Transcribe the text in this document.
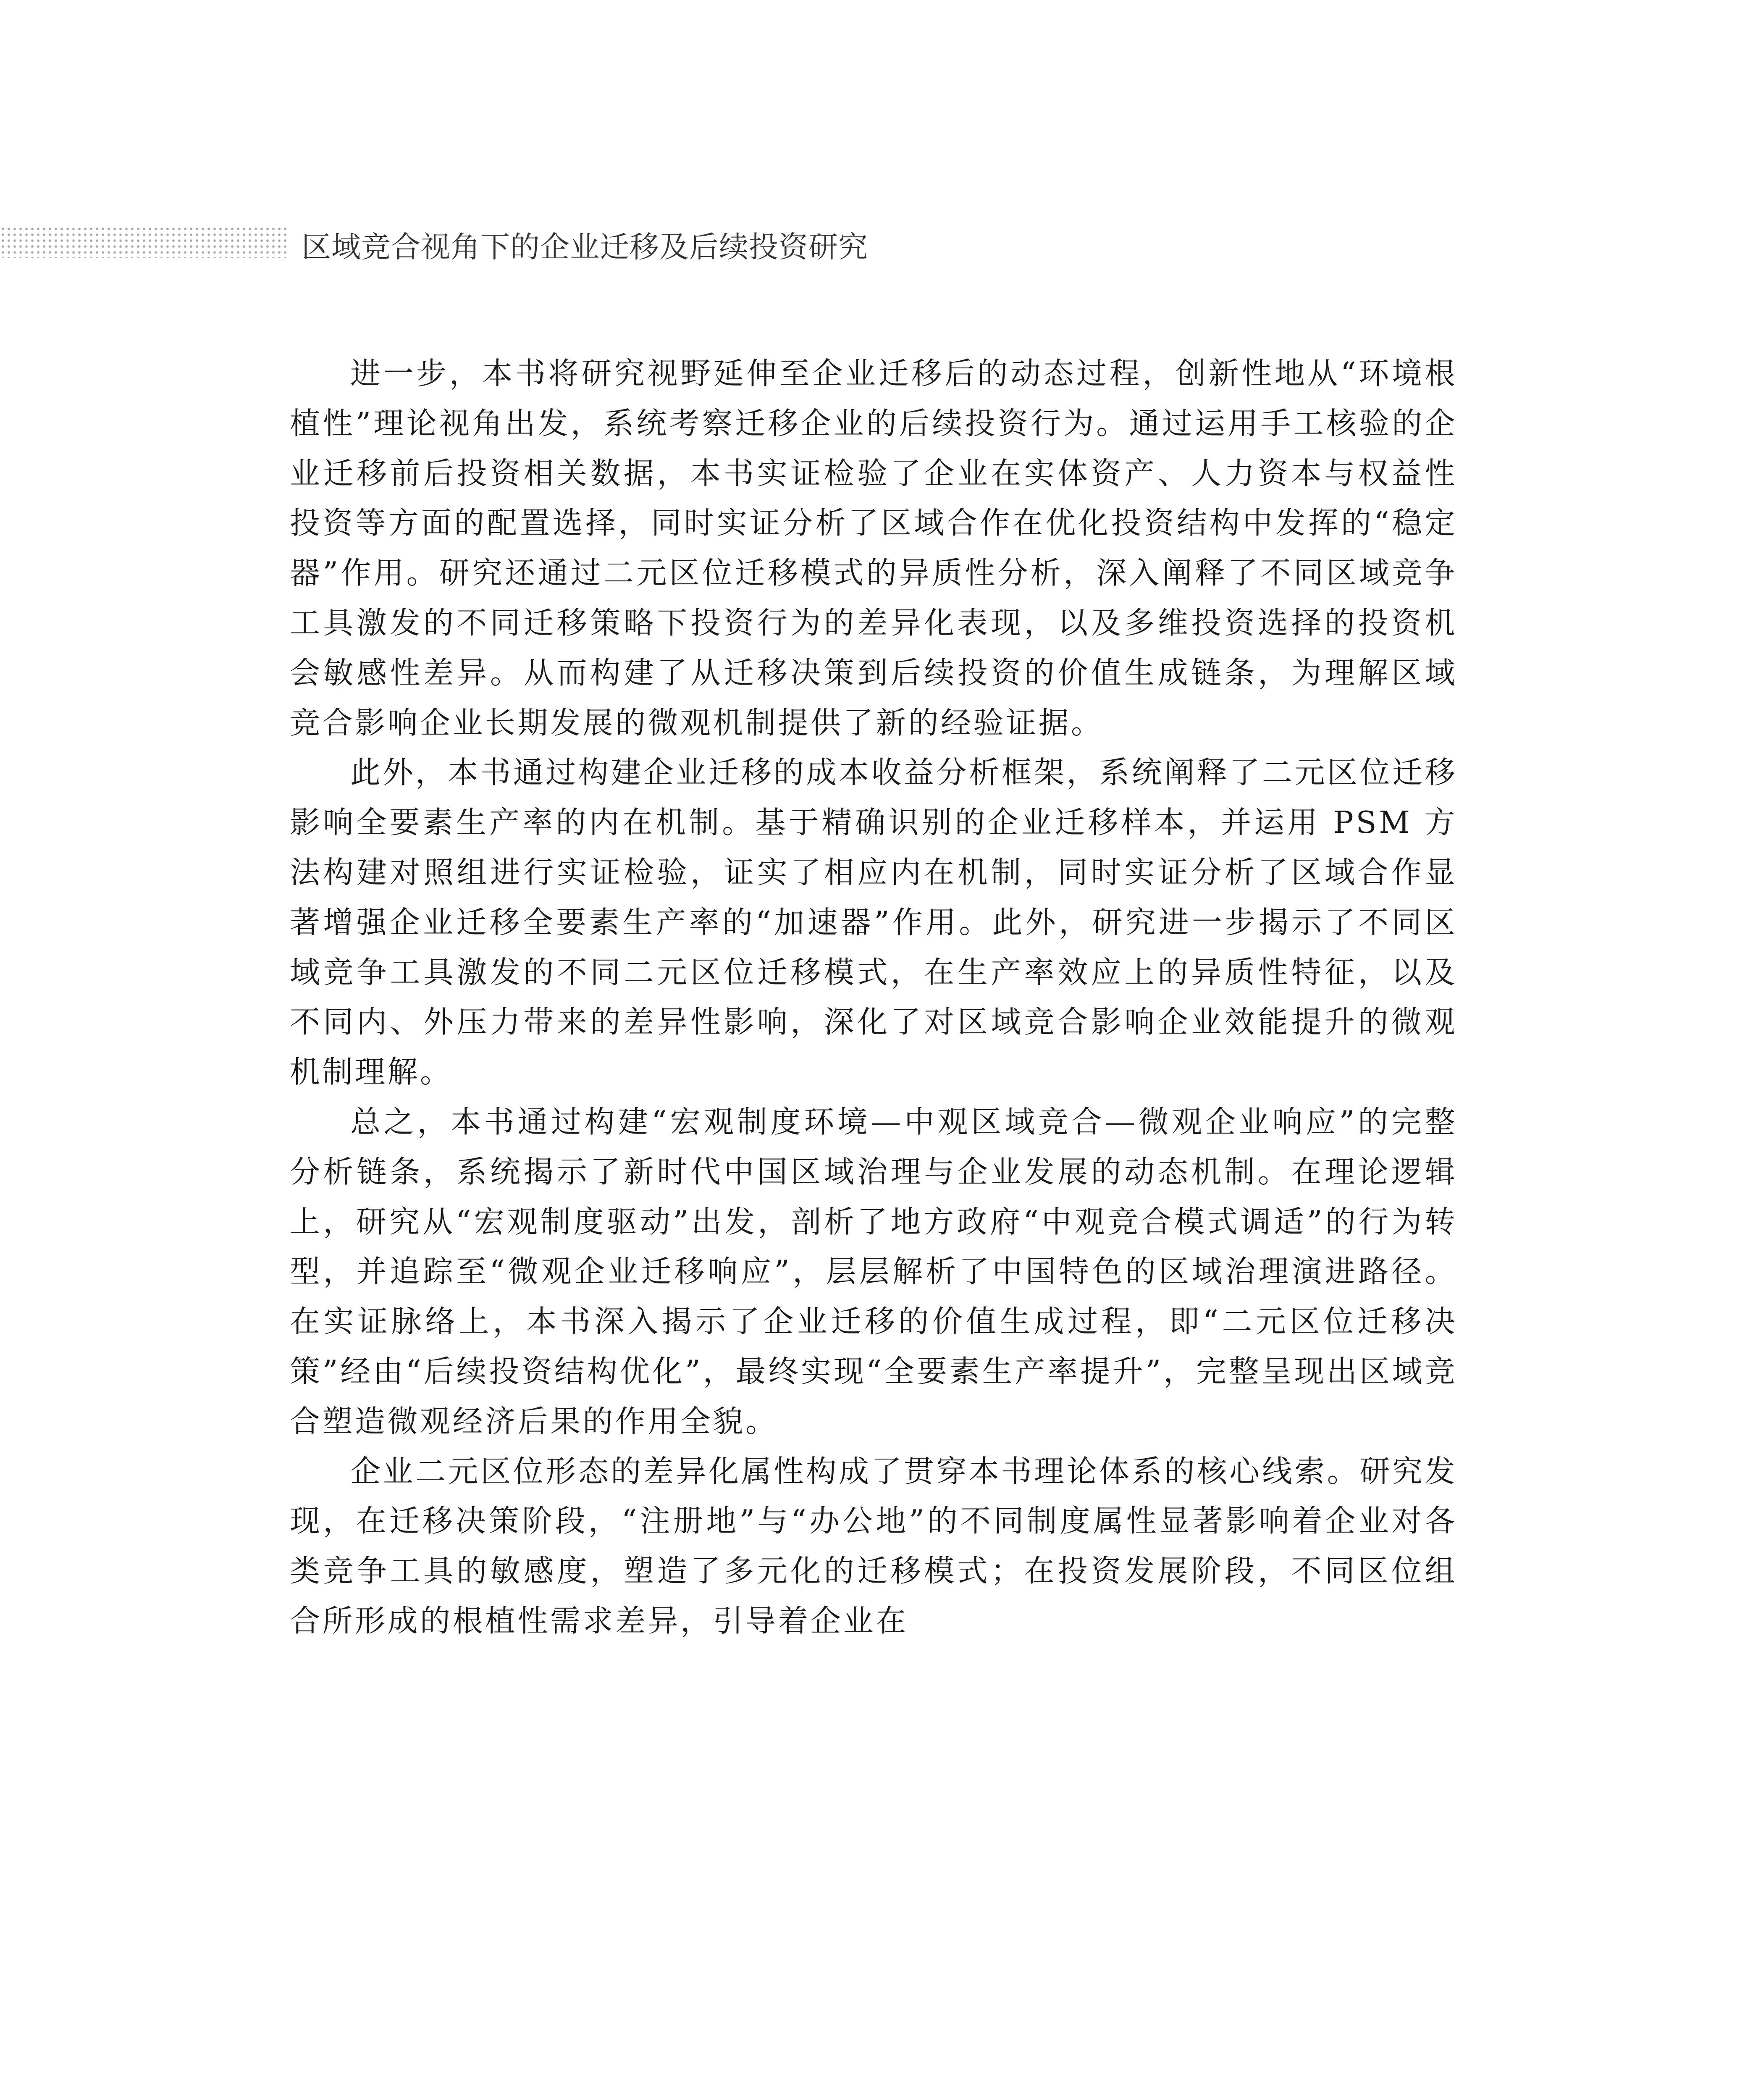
区域竞合视角下的企业迁移及后续投资研究

进一步，本书将研究视野延伸至企业迁移后的动态过程，创新性地从“环境根植性”理论视角出发，系统考察迁移企业的后续投资行为。通过运用手工核验的企业迁移前后投资相关数据，本书实证检验了企业在实体资产、人力资本与权益性投资等方面的配置选择，同时实证分析了区域合作在优化投资结构中发挥的“稳定器”作用。研究还通过二元区位迁移模式的异质性分析，深入阐释了不同区域竞争工具激发的不同迁移策略下投资行为的差异化表现，以及多维投资选择的投资机会敏感性差异。从而构建了从迁移决策到后续投资的价值生成链条，为理解区域竞合影响企业长期发展的微观机制提供了新的经验证据。

此外，本书通过构建企业迁移的成本收益分析框架，系统阐释了二元区位迁移影响全要素生产率的内在机制。基于精确识别的企业迁移样本，并运用 PSM 方法构建对照组进行实证检验，证实了相应内在机制，同时实证分析了区域合作显著增强企业迁移全要素生产率的“加速器”作用。此外，研究进一步揭示了不同区域竞争工具激发的不同二元区位迁移模式，在生产率效应上的异质性特征，以及不同内、外压力带来的差异性影响，深化了对区域竞合影响企业效能提升的微观机制理解。

总之，本书通过构建“宏观制度环境—中观区域竞合—微观企业响应”的完整分析链条，系统揭示了新时代中国区域治理与企业发展的动态机制。在理论逻辑上，研究从“宏观制度驱动”出发，剖析了地方政府“中观竞合模式调适”的行为转型，并追踪至“微观企业迁移响应”，层层解析了中国特色的区域治理演进路径。在实证脉络上，本书深入揭示了企业迁移的价值生成过程，即“二元区位迁移决策”经由“后续投资结构优化”，最终实现“全要素生产率提升”，完整呈现出区域竞合塑造微观经济后果的作用全貌。

企业二元区位形态的差异化属性构成了贯穿本书理论体系的核心线索。研究发现，在迁移决策阶段，“注册地”与“办公地”的不同制度属性显著影响着企业对各类竞争工具的敏感度，塑造了多元化的迁移模式；在投资发展阶段，不同区位组合所形成的根植性需求差异，引导着企业在
